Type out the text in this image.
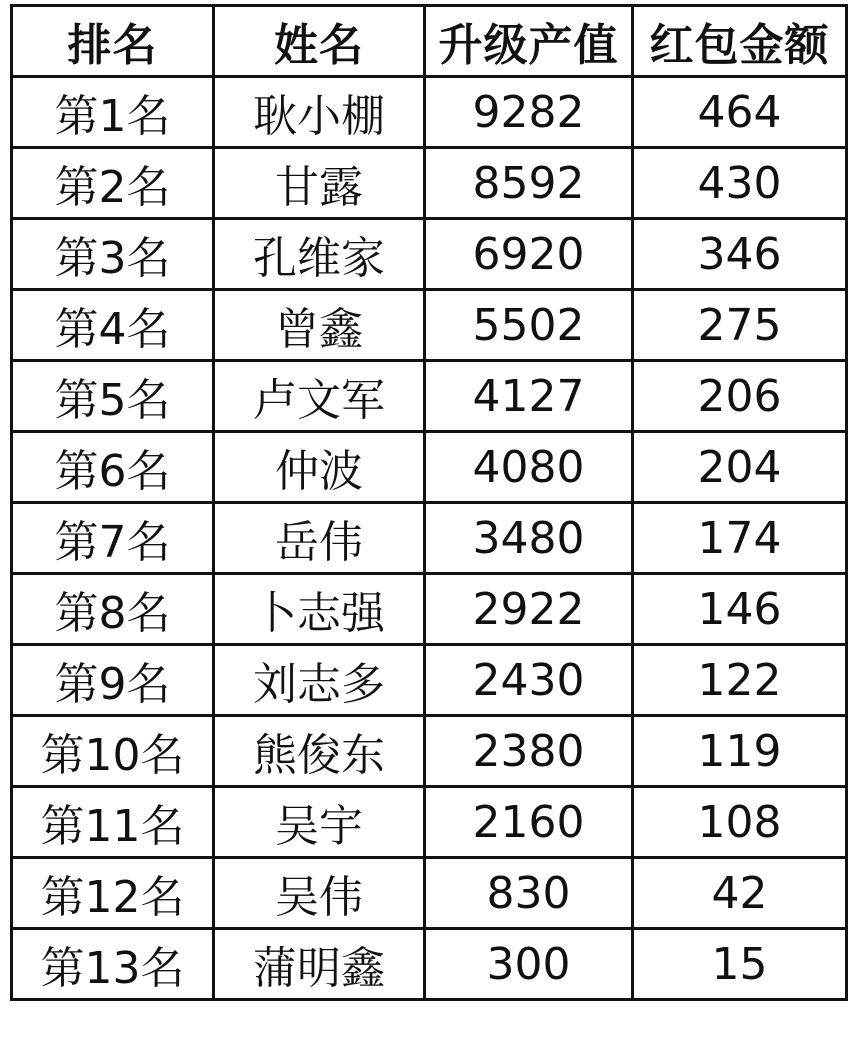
排名	姓名	升级产值	红包金额
第1名	耿小棚	9282	464
第2名	甘露	8592	430
第3名	孔维家	6920	346
第4名	曾鑫	5502	275
第5名	卢文军	4127	206
第6名	仲波	4080	204
第7名	岳伟	3480	174
第8名	卜志强	2922	146
第9名	刘志多	2430	122
第10名	熊俊东	2380	119
第11名	吴宇	2160	108
第12名	吴伟	830	42
第13名	蒲明鑫	300	15
